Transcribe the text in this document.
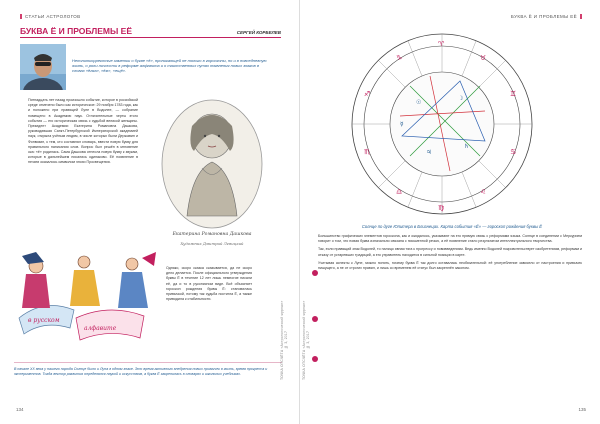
СТАТЬИ АСТРОЛОГОВ
БУКВА Ё И ПРОБЛЕМЫ ЕЁ	СЕРГЕЙ КОРБЕЛЕВ
Неполиткорректные заметки о букве «ё», проникающей не только в гороскопы, но и в повседневную жизнь, о роли личности в реформе алфавита и о таинственных путях появления новых знаков в словах «ёлка», «ёж», «ещё».
Пятнадцать лет назад произошло событие, которое в российской среде отмечено было как историческое: 29 ноября 1783 года, как и положено при правящей Луне в Водолее, — собрание помещено в Академию наук. Отличительные черты этого события — его историческая связь с судьбой великой женщины. Президент Академии Екатерина Романовна Дашкова, руководившая Санкт-Петербургской Императорской академией наук, открыла учёным людям, в числе которых были Державин и Фонвизин, к тем, кто составлял словарь, ввести новую букву для правильного написания слов. Вопрос был решён в мгновение ока: «ё» родилась. Сама Дашкова отнесла новую букву к звукам, которые в дальнейшем писались одинаково. Её появление в печати оказалось символом эпохи Просвещения.
Екатерина Романовна Дашкова
Художник Дмитрий Левицкий
в русском
алфавите
Однако, скоро сказка сказывается, да не скоро дело делается. После официального утверждения буквы Ё в течение 12 лет лишь немногие писали её, да и то в рукописном виде. Всё объясняет гороскоп рождения буквы Ё: становилась привычкой, потому так судьба постигла Ё, а также приводила к стабильности.
В начале XX века у нашего народа Солнце было и Луна в одном знаке. Это время активного внедрения новых привычек в жизнь, время прогресса и экспериментов. Тогда вектор развития определялся наукой и искусством, а буква Ё закрепилась в словарях и школьных учебниках.	ТОЧКА ОТСЧЁТА «Астрологический журнал» № 3, 2017
134
БУКВА Ё И ПРОБЛЕМЫ ЕЁ
♈
♉
♊
♋
♌
♍
♎
♏
♐
♑
☉
☽
♃
♄
☿
Солнце по дуге Юпитера в Близнецах. Карта события «Ё» — гороскоп рождения буквы Ё

Большинство графических элементов гороскопа, как и ожидалось, указывают на его прямую связь с реформами языка. Солнце в соединении с Меркурием говорит о том, что новая буква изначально связана с письменной речью, а её появление стало результатом интеллектуального творчества.

Так, если правящий знак Водолей, то налицо явная тяга к прогрессу и нововведениям. Ведь именно Водолей покровительствует изобретениям, реформам и отказу от устаревших традиций, а его управитель находится в сильной позиции в карте.

Учитывая аспекты к Луне, можно понять, почему буква Ё так долго оставалась необязательной: её употребление зависело от настроения и привычек пишущего, а не от строгих правил, и лишь со временем её статус был закреплён законом.

ТОЧКА ОТСЧЁТА «Астрологический журнал» № 3, 2017
135
